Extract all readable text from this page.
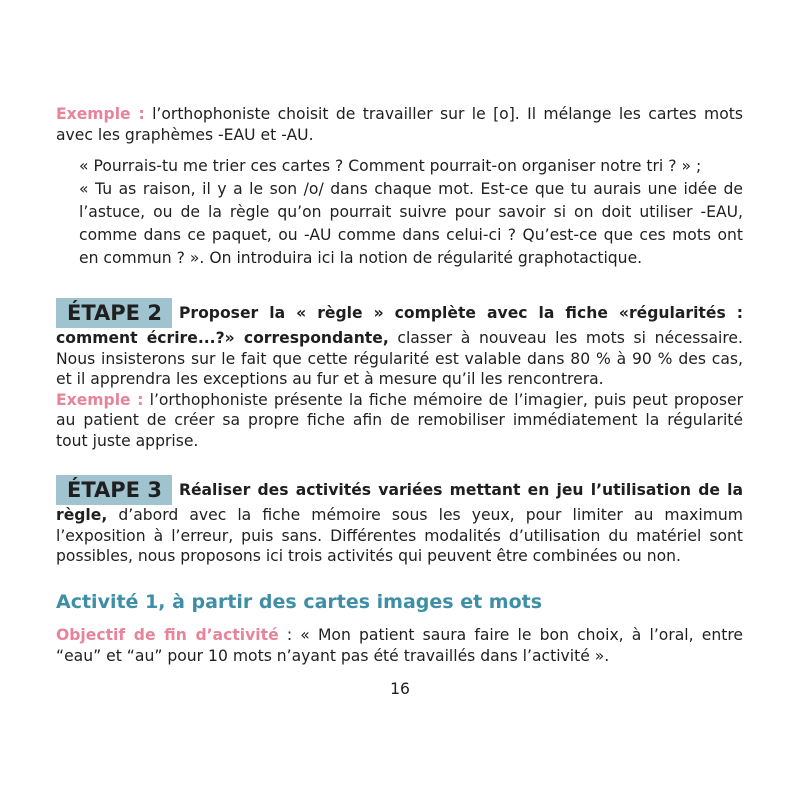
Exemple : l’orthophoniste choisit de travailler sur le [o]. Il mélange les cartes mots avec les graphèmes -EAU et -AU.

« Pourrais-tu me trier ces cartes ? Comment pourrait-on organiser notre tri ? » ;
« Tu as raison, il y a le son /o/ dans chaque mot. Est-ce que tu aurais une idée de l’astuce, ou de la règle qu’on pourrait suivre pour savoir si on doit utiliser -EAU, comme dans ce paquet, ou -AU comme dans celui-ci ? Qu’est-ce que ces mots ont en commun ? ». On introduira ici la notion de régularité graphotactique.

ÉTAPE 2 Proposer la « règle » complète avec la fiche «régularités : comment écrire...?» correspondante, classer à nouveau les mots si nécessaire. Nous insisterons sur le fait que cette régularité est valable dans 80 % à 90 % des cas, et il apprendra les exceptions au fur et à mesure qu’il les rencontrera.

Exemple : l’orthophoniste présente la fiche mémoire de l’imagier, puis peut proposer au patient de créer sa propre fiche afin de remobiliser immédiatement la régularité tout juste apprise.

ÉTAPE 3 Réaliser des activités variées mettant en jeu l’utilisation de la règle, d’abord avec la fiche mémoire sous les yeux, pour limiter au maximum l’exposition à l’erreur, puis sans. Différentes modalités d’utilisation du matériel sont possibles, nous proposons ici trois activités qui peuvent être combinées ou non.

Activité 1, à partir des cartes images et mots

Objectif de fin d’activité : « Mon patient saura faire le bon choix, à l’oral, entre “eau” et “au” pour 10 mots n’ayant pas été travaillés dans l’activité ».

16
